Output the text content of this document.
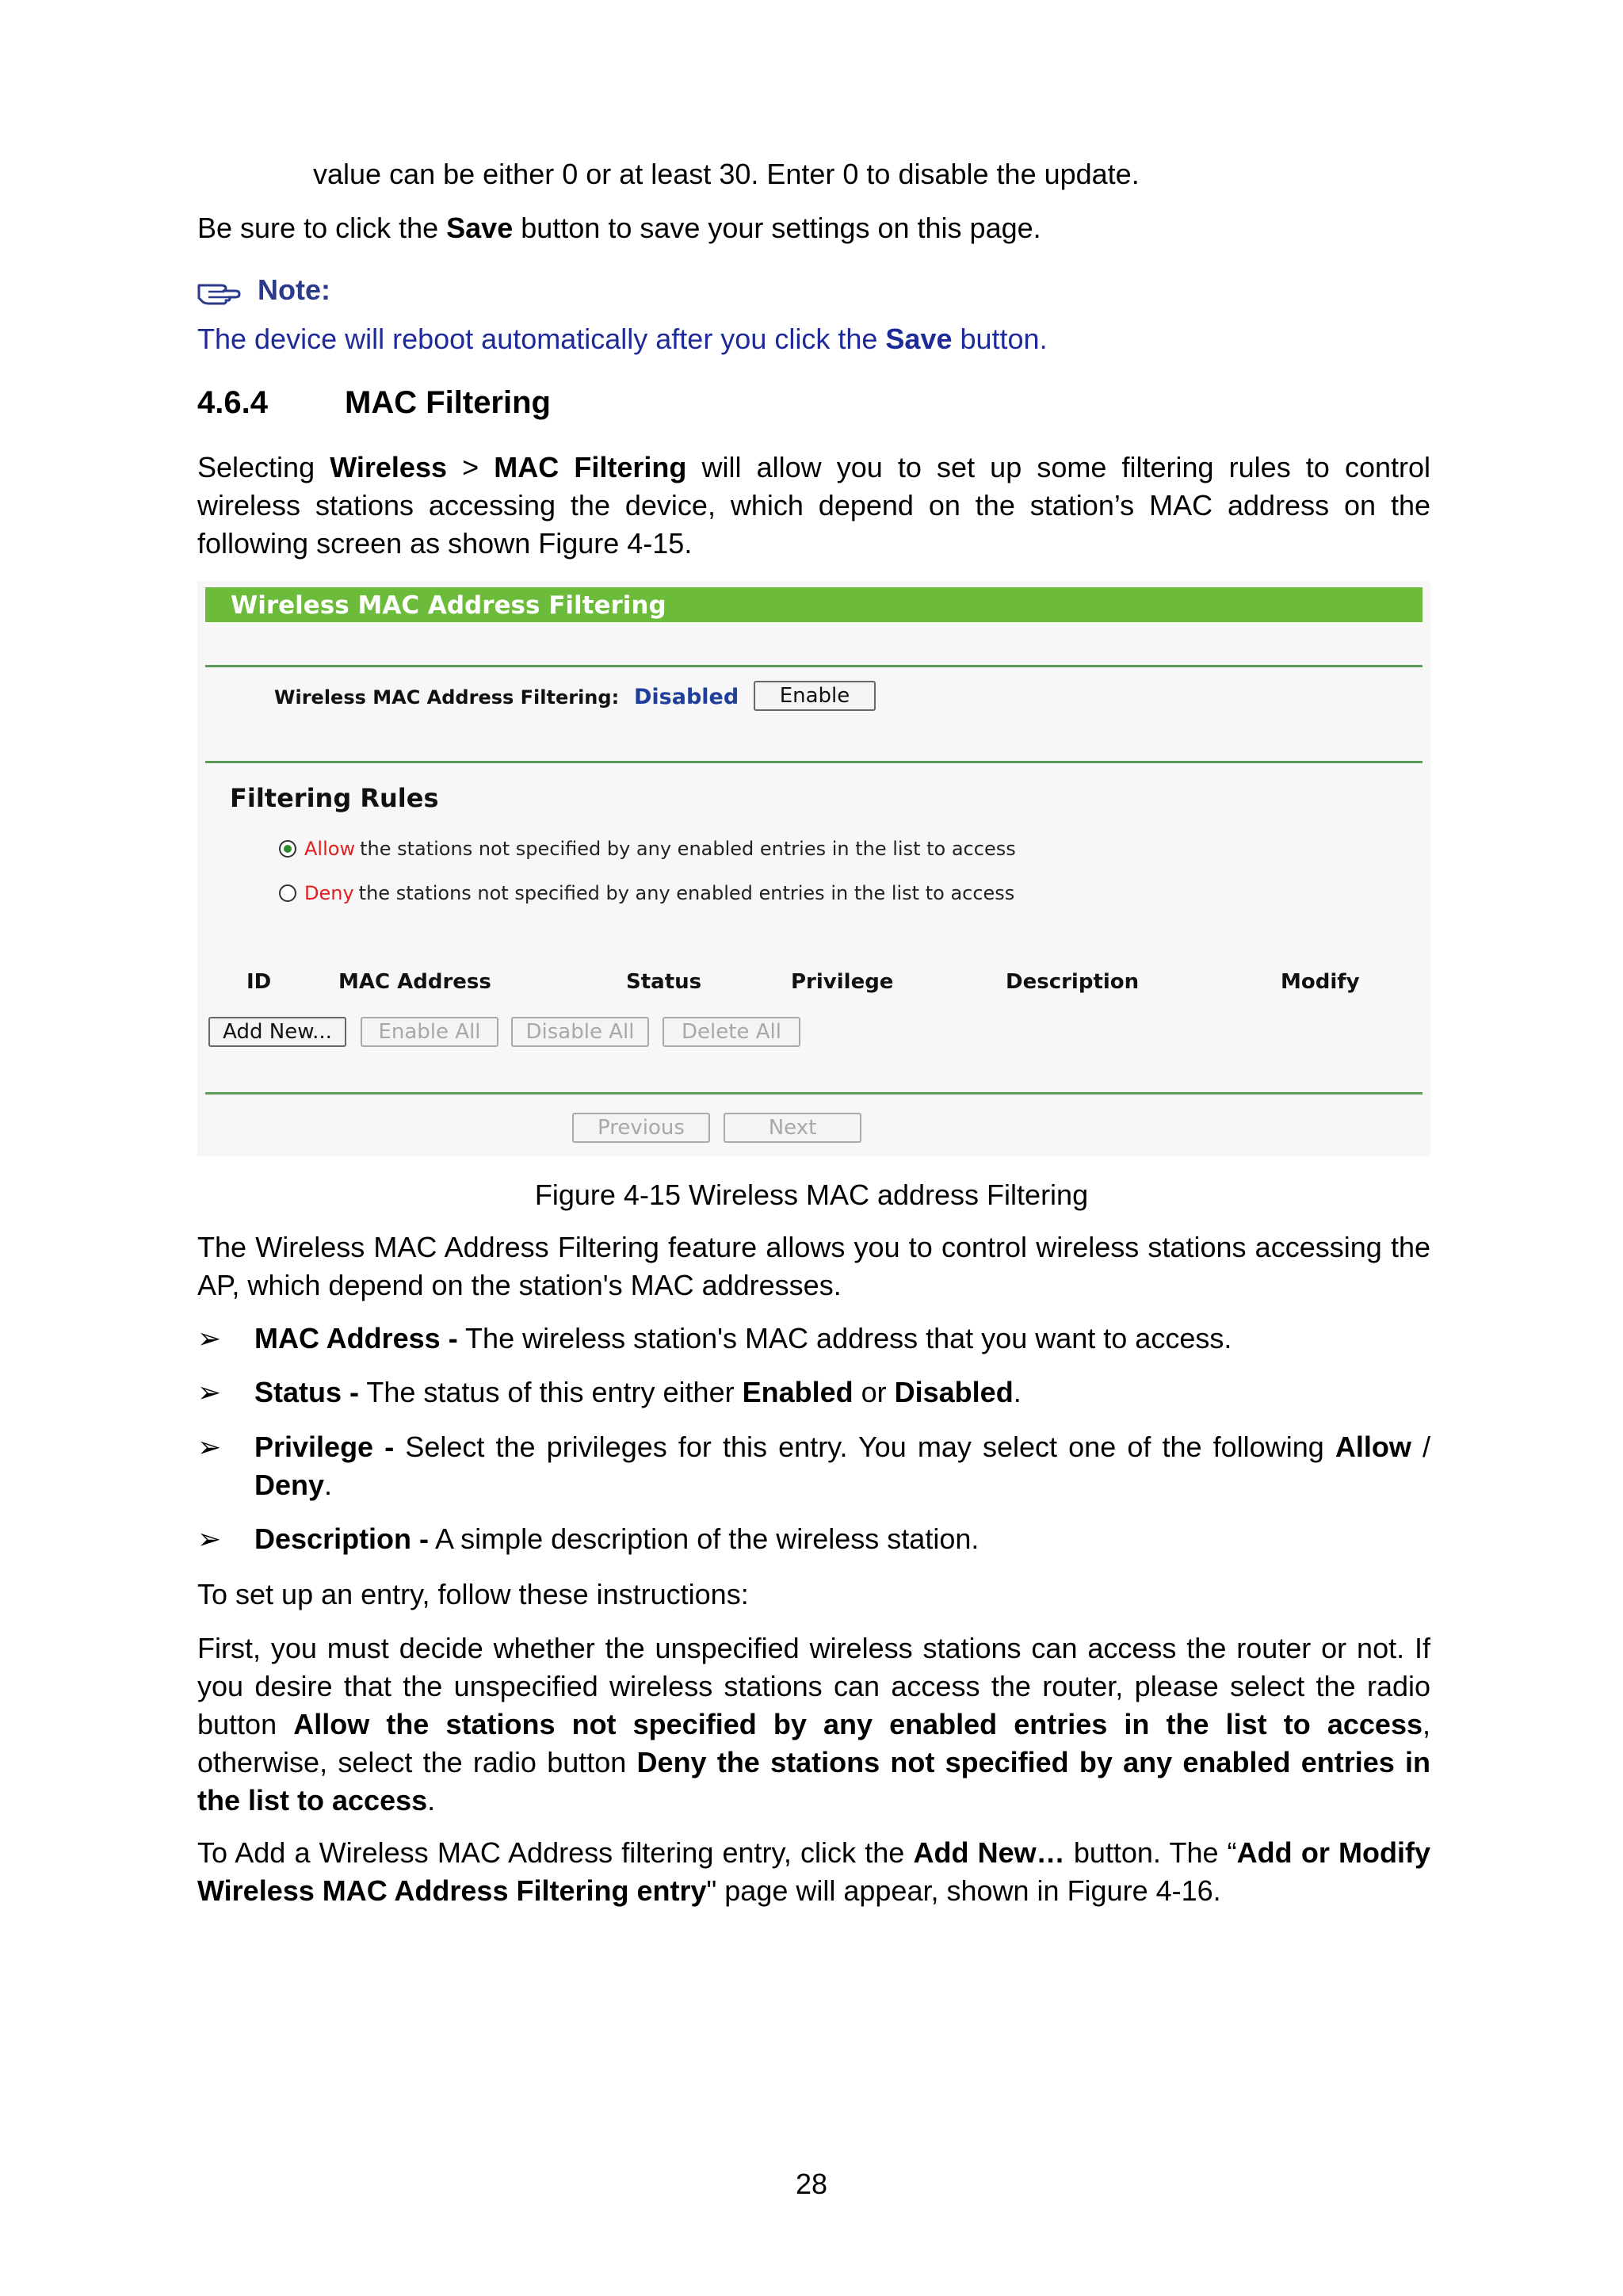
value can be either 0 or at least 30. Enter 0 to disable the update.
Be sure to click the Save button to save your settings on this page.
Note:
The device will reboot automatically after you click the Save button.
4.6.4 MAC Filtering
Selecting Wireless > MAC Filtering will allow you to set up some filtering rules to control wireless stations accessing the device, which depend on the station’s MAC address on the following screen as shown Figure 4-15.
Wireless MAC Address Filtering
Wireless MAC Address Filtering: Disabled	Enable
Filtering Rules
Allow the stations not specified by any enabled entries in the list to access
Deny the stations not specified by any enabled entries in the list to access
ID	MAC Address	Status	Privilege	Description	Modify
Add New...	Enable All	Disable All	Delete All
Previous	Next
Figure 4-15 Wireless MAC address Filtering
The Wireless MAC Address Filtering feature allows you to control wireless stations accessing the AP, which depend on the station's MAC addresses.
➢ MAC Address - The wireless station's MAC address that you want to access.
➢ Status - The status of this entry either Enabled or Disabled.
➢ Privilege - Select the privileges for this entry. You may select one of the following Allow / Deny.
➢ Description - A simple description of the wireless station.
To set up an entry, follow these instructions:
First, you must decide whether the unspecified wireless stations can access the router or not. If you desire that the unspecified wireless stations can access the router, please select the radio button Allow the stations not specified by any enabled entries in the list to access, otherwise, select the radio button Deny the stations not specified by any enabled entries in the list to access.
To Add a Wireless MAC Address filtering entry, click the Add New… button. The “Add or Modify Wireless MAC Address Filtering entry" page will appear, shown in Figure 4-16.
28
